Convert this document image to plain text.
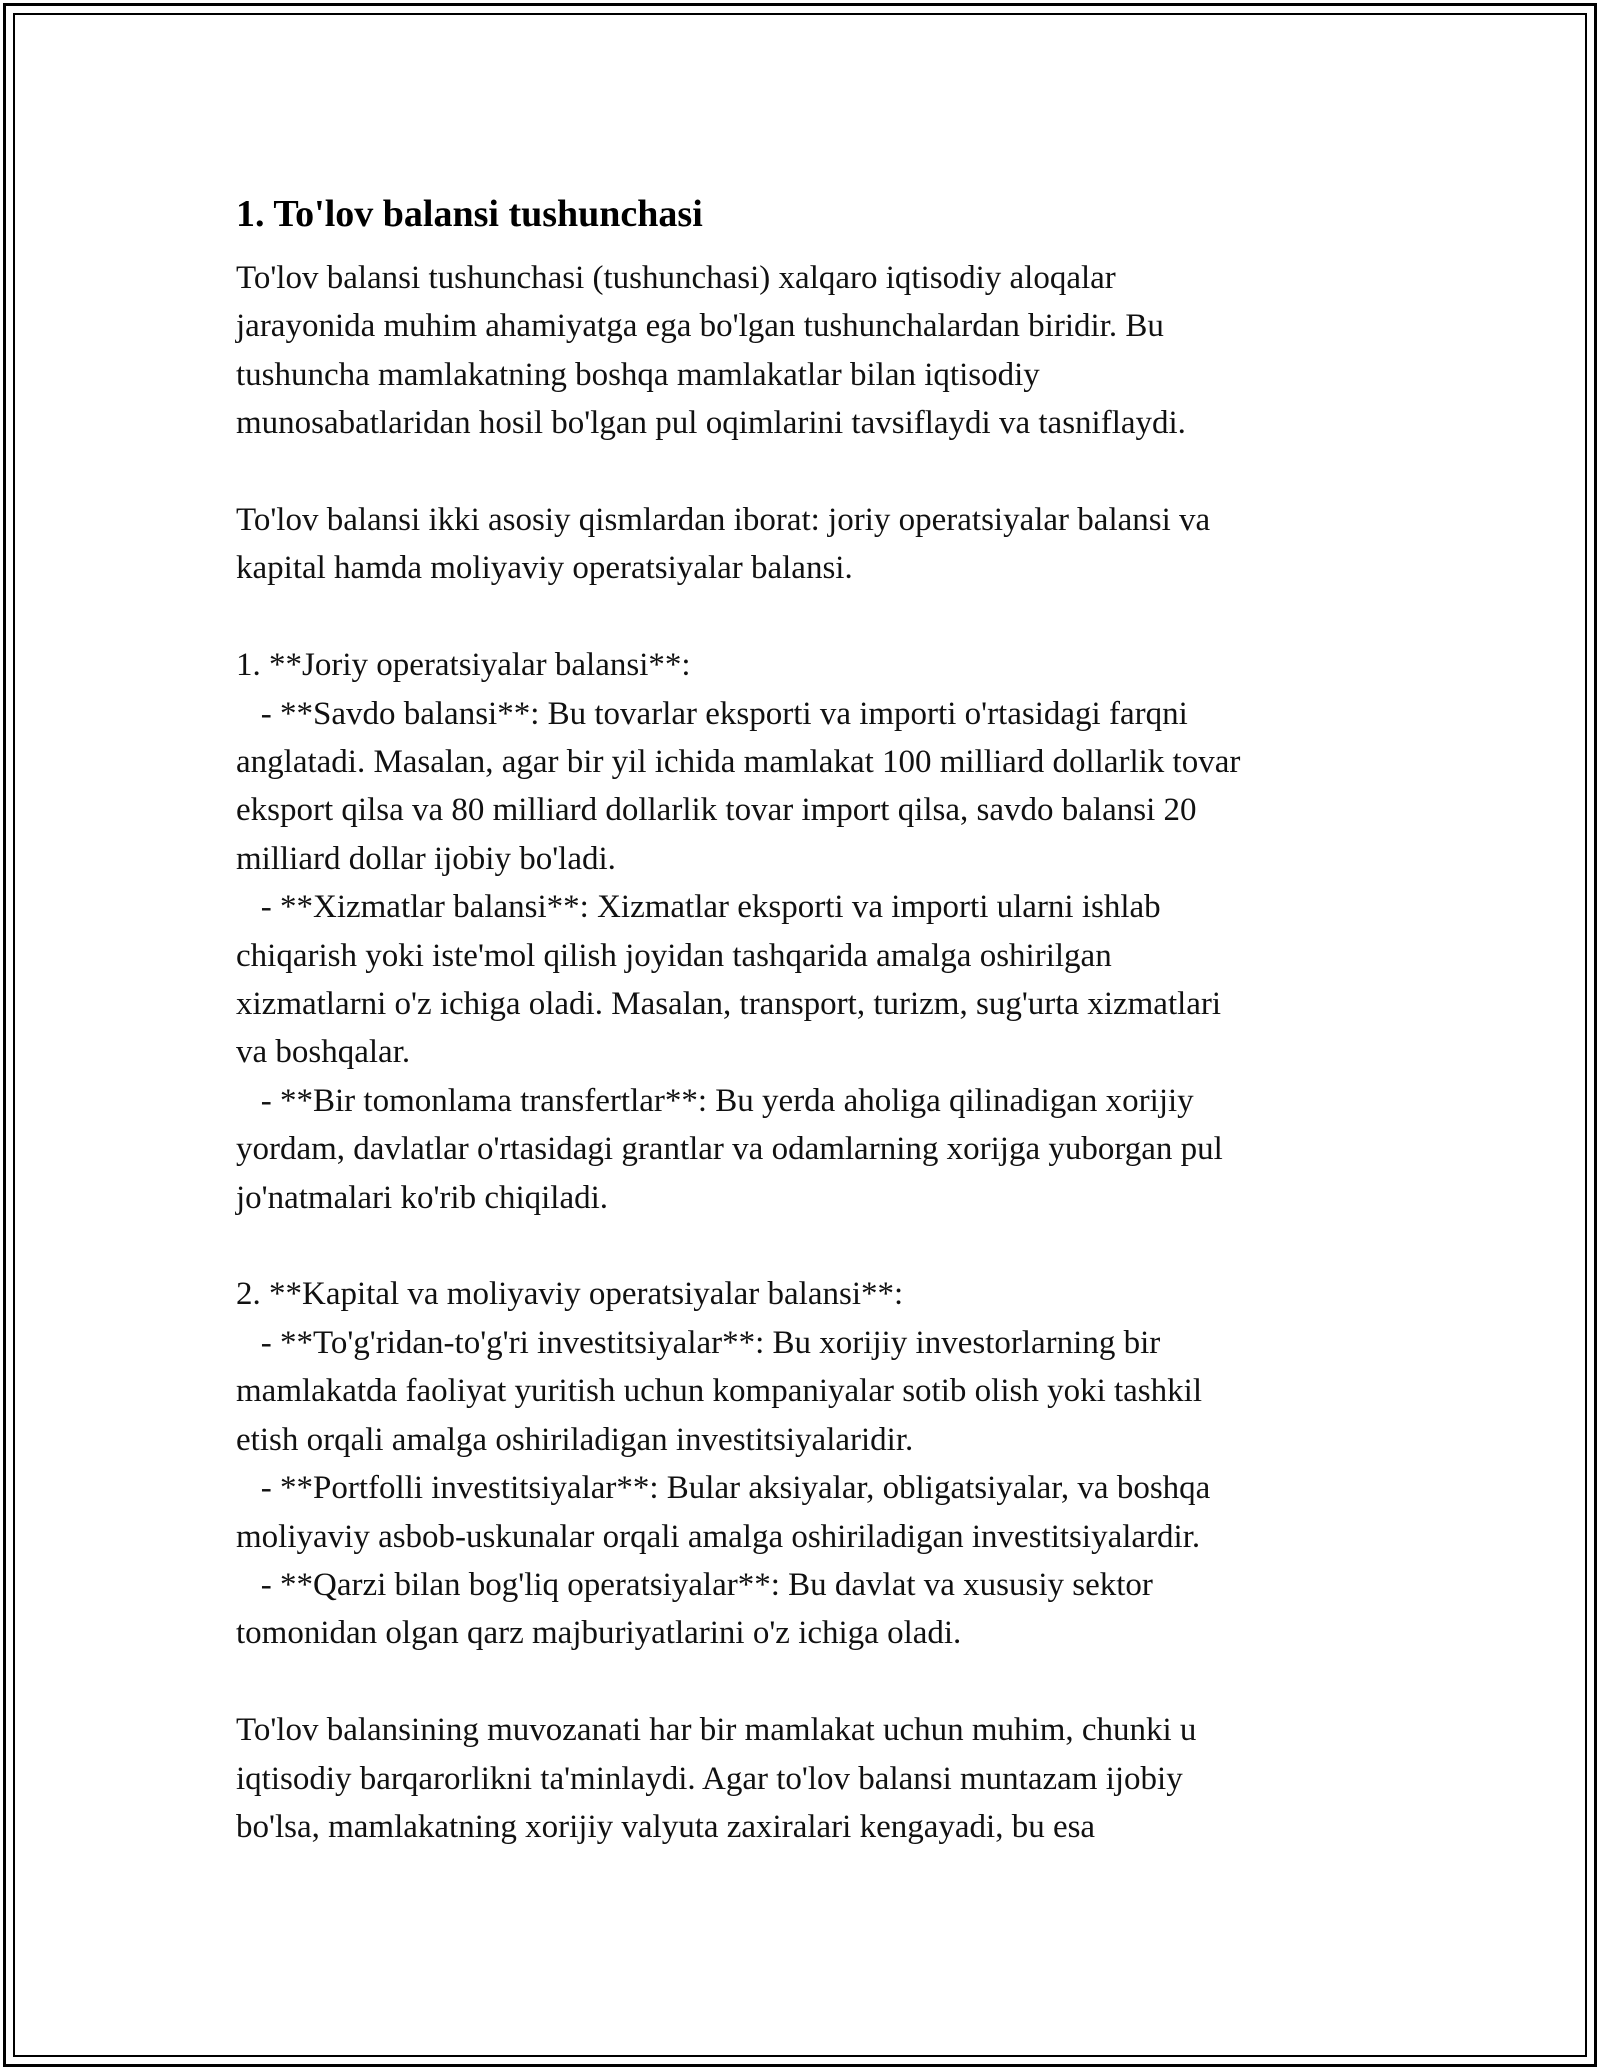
1. To'lov balansi tushunchasi

To'lov balansi tushunchasi (tushunchasi) xalqaro iqtisodiy aloqalar
jarayonida muhim ahamiyatga ega bo'lgan tushunchalardan biridir. Bu
tushuncha mamlakatning boshqa mamlakatlar bilan iqtisodiy
munosabatlaridan hosil bo'lgan pul oqimlarini tavsiflaydi va tasniflaydi.

To'lov balansi ikki asosiy qismlardan iborat: joriy operatsiyalar balansi va
kapital hamda moliyaviy operatsiyalar balansi.

1. **Joriy operatsiyalar balansi**:
- **Savdo balansi**: Bu tovarlar eksporti va importi o'rtasidagi farqni
anglatadi. Masalan, agar bir yil ichida mamlakat 100 milliard dollarlik tovar
eksport qilsa va 80 milliard dollarlik tovar import qilsa, savdo balansi 20
milliard dollar ijobiy bo'ladi.
- **Xizmatlar balansi**: Xizmatlar eksporti va importi ularni ishlab
chiqarish yoki iste'mol qilish joyidan tashqarida amalga oshirilgan
xizmatlarni o'z ichiga oladi. Masalan, transport, turizm, sug'urta xizmatlari
va boshqalar.
- **Bir tomonlama transfertlar**: Bu yerda aholiga qilinadigan xorijiy
yordam, davlatlar o'rtasidagi grantlar va odamlarning xorijga yuborgan pul
jo'natmalari ko'rib chiqiladi.

2. **Kapital va moliyaviy operatsiyalar balansi**:
- **To'g'ridan-to'g'ri investitsiyalar**: Bu xorijiy investorlarning bir
mamlakatda faoliyat yuritish uchun kompaniyalar sotib olish yoki tashkil
etish orqali amalga oshiriladigan investitsiyalaridir.
- **Portfolli investitsiyalar**: Bular aksiyalar, obligatsiyalar, va boshqa
moliyaviy asbob-uskunalar orqali amalga oshiriladigan investitsiyalardir.
- **Qarzi bilan bog'liq operatsiyalar**: Bu davlat va xususiy sektor
tomonidan olgan qarz majburiyatlarini o'z ichiga oladi.

To'lov balansining muvozanati har bir mamlakat uchun muhim, chunki u
iqtisodiy barqarorlikni ta'minlaydi. Agar to'lov balansi muntazam ijobiy
bo'lsa, mamlakatning xorijiy valyuta zaxiralari kengayadi, bu esa
